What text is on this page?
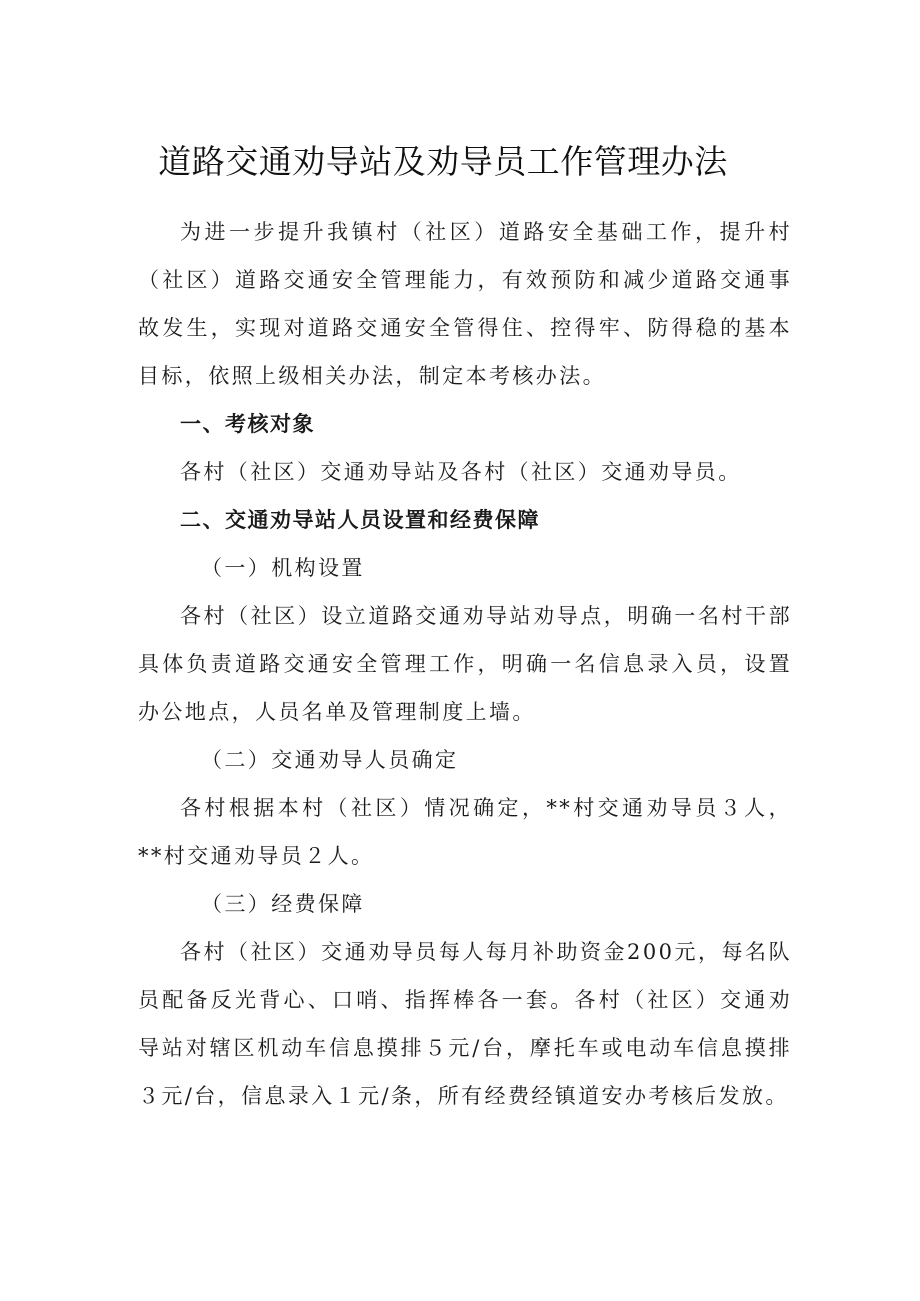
道路交通劝导站及劝导员工作管理办法

为进一步提升我镇村（社区）道路安全基础工作，提升村（社区）道路交通安全管理能力，有效预防和减少道路交通事故发生，实现对道路交通安全管得住、控得牢、防得稳的基本目标，依照上级相关办法，制定本考核办法。

一、考核对象

各村（社区）交通劝导站及各村（社区）交通劝导员。

二、交通劝导站人员设置和经费保障

（一）机构设置

各村（社区）设立道路交通劝导站劝导点，明确一名村干部具体负责道路交通安全管理工作，明确一名信息录入员，设置办公地点，人员名单及管理制度上墙。

（二）交通劝导人员确定

各村根据本村（社区）情况确定，**村交通劝导员３人，**村交通劝导员２人。

（三）经费保障

各村（社区）交通劝导员每人每月补助资金200元，每名队员配备反光背心、口哨、指挥棒各一套。各村（社区）交通劝导站对辖区机动车信息摸排５元/台，摩托车或电动车信息摸排３元/台，信息录入１元/条，所有经费经镇道安办考核后发放。
